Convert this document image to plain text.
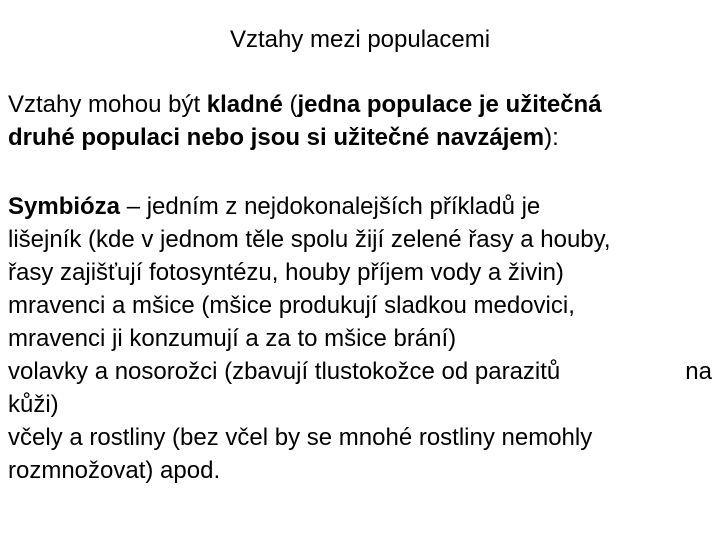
Vztahy mezi populacemi
Vztahy mohou být kladné (jedna populace je užitečná
druhé populaci nebo jsou si užitečné navzájem):
Symbióza – jedním z nejdokonalejších příkladů je
lišejník (kde v jednom těle spolu žijí zelené řasy a houby,
řasy zajišťují fotosyntézu, houby příjem vody a živin)
mravenci a mšice (mšice produkují sladkou medovici,
mravenci ji konzumují a za to mšice brání)
volavky a nosorožci (zbavují tlustokožce od parazitů	na
kůži)
včely a rostliny (bez včel by se mnohé rostliny nemohly
rozmnožovat) apod.
